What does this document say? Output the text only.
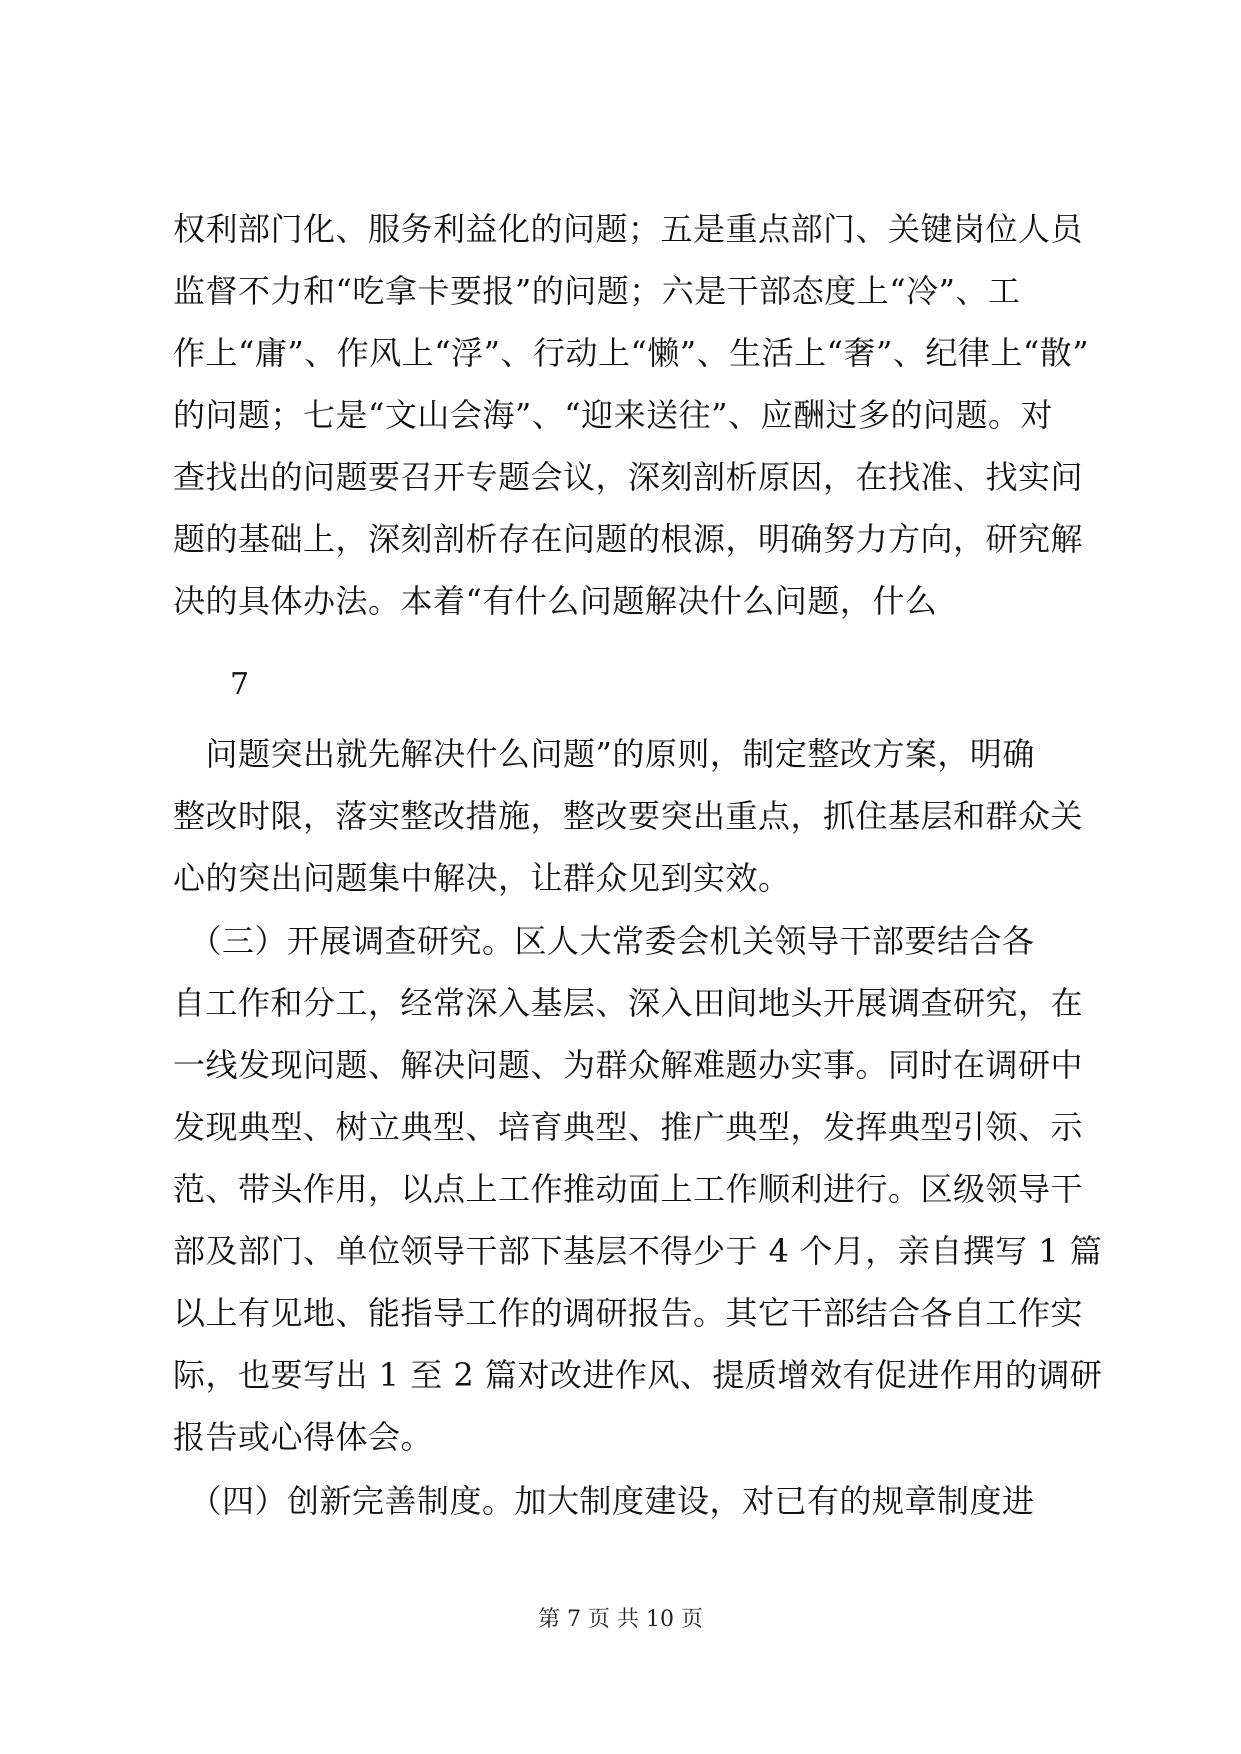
权利部门化、服务利益化的问题；五是重点部门、关键岗位人员
监督不力和“吃拿卡要报”的问题；六是干部态度上“冷”、工
作上“庸”、作风上“浮”、行动上“懒”、生活上“奢”、纪律上“散”
的问题；七是“文山会海”、“迎来送往”、应酬过多的问题。对
查找出的问题要召开专题会议，深刻剖析原因，在找准、找实问
题的基础上，深刻剖析存在问题的根源，明确努力方向，研究解
决的具体办法。本着“有什么问题解决什么问题，什么
7
　问题突出就先解决什么问题”的原则，制定整改方案，明确
整改时限，落实整改措施，整改要突出重点，抓住基层和群众关
心的突出问题集中解决，让群众见到实效。
　（三）开展调查研究。区人大常委会机关领导干部要结合各
自工作和分工，经常深入基层、深入田间地头开展调查研究，在
一线发现问题、解决问题、为群众解难题办实事。同时在调研中
发现典型、树立典型、培育典型、推广典型，发挥典型引领、示
范、带头作用，以点上工作推动面上工作顺利进行。区级领导干
部及部门、单位领导干部下基层不得少于 4 个月，亲自撰写 1 篇
以上有见地、能指导工作的调研报告。其它干部结合各自工作实
际，也要写出 1 至 2 篇对改进作风、提质增效有促进作用的调研
报告或心得体会。
　（四）创新完善制度。加大制度建设，对已有的规章制度进
第 7 页 共 10 页
